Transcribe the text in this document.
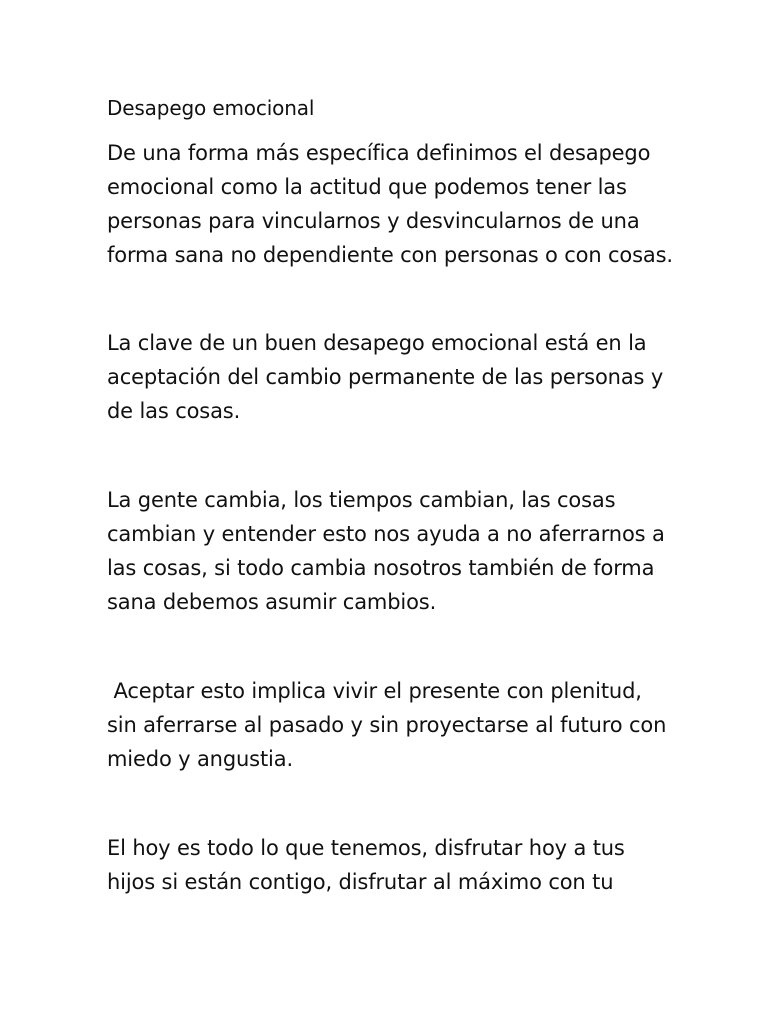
Desapego emocional
De una forma más específica definimos el desapego
emocional como la actitud que podemos tener las
personas para vincularnos y desvincularnos de una
forma sana no dependiente con personas o con cosas.
La clave de un buen desapego emocional está en la
aceptación del cambio permanente de las personas y
de las cosas.
La gente cambia, los tiempos cambian, las cosas
cambian y entender esto nos ayuda a no aferrarnos a
las cosas, si todo cambia nosotros también de forma
sana debemos asumir cambios.
Aceptar esto implica vivir el presente con plenitud,
sin aferrarse al pasado y sin proyectarse al futuro con
miedo y angustia.
El hoy es todo lo que tenemos, disfrutar hoy a tus
hijos si están contigo, disfrutar al máximo con tu
